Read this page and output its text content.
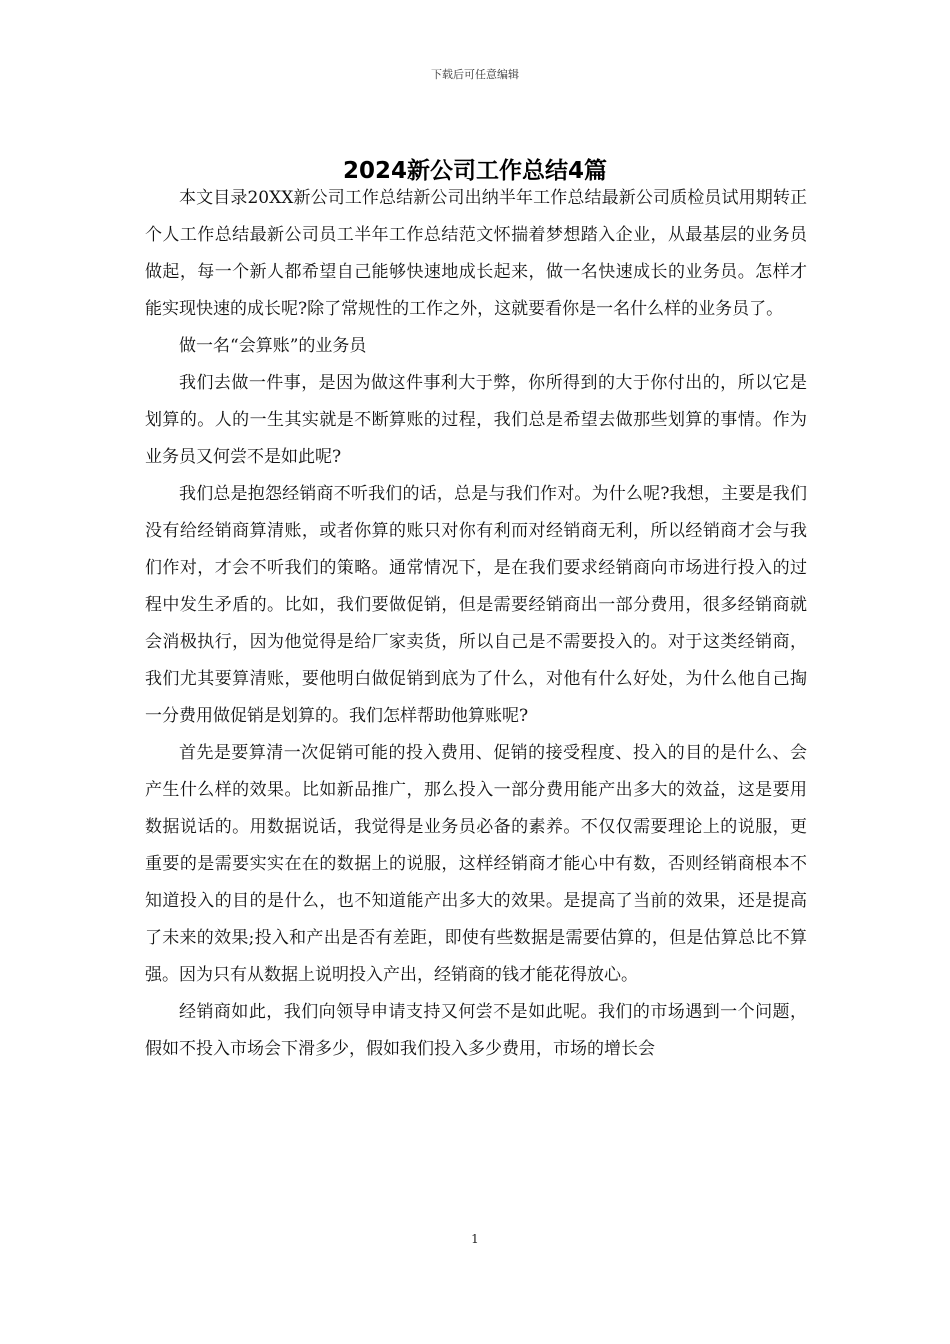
下载后可任意编辑
2024新公司工作总结4篇

本文目录20XX新公司工作总结新公司出纳半年工作总结最新公司质检员试用期转正个人工作总结最新公司员工半年工作总结范文怀揣着梦想踏入企业，从最基层的业务员做起，每一个新人都希望自己能够快速地成长起来，做一名快速成长的业务员。怎样才能实现快速的成长呢?除了常规性的工作之外，这就要看你是一名什么样的业务员了。

做一名“会算账”的业务员

我们去做一件事，是因为做这件事利大于弊，你所得到的大于你付出的，所以它是划算的。人的一生其实就是不断算账的过程，我们总是希望去做那些划算的事情。作为业务员又何尝不是如此呢?

我们总是抱怨经销商不听我们的话，总是与我们作对。为什么呢?我想，主要是我们没有给经销商算清账，或者你算的账只对你有利而对经销商无利，所以经销商才会与我们作对，才会不听我们的策略。通常情况下，是在我们要求经销商向市场进行投入的过程中发生矛盾的。比如，我们要做促销，但是需要经销商出一部分费用，很多经销商就会消极执行，因为他觉得是给厂家卖货，所以自己是不需要投入的。对于这类经销商，我们尤其要算清账，要他明白做促销到底为了什么，对他有什么好处，为什么他自己掏一分费用做促销是划算的。我们怎样帮助他算账呢?

首先是要算清一次促销可能的投入费用、促销的接受程度、投入的目的是什么、会产生什么样的效果。比如新品推广，那么投入一部分费用能产出多大的效益，这是要用数据说话的。用数据说话，我觉得是业务员必备的素养。不仅仅需要理论上的说服，更重要的是需要实实在在的数据上的说服，这样经销商才能心中有数，否则经销商根本不知道投入的目的是什么，也不知道能产出多大的效果。是提高了当前的效果，还是提高了未来的效果;投入和产出是否有差距，即使有些数据是需要估算的，但是估算总比不算强。因为只有从数据上说明投入产出，经销商的钱才能花得放心。

经销商如此，我们向领导申请支持又何尝不是如此呢。我们的市场遇到一个问题，假如不投入市场会下滑多少，假如我们投入多少费用，市场的增长会

1
